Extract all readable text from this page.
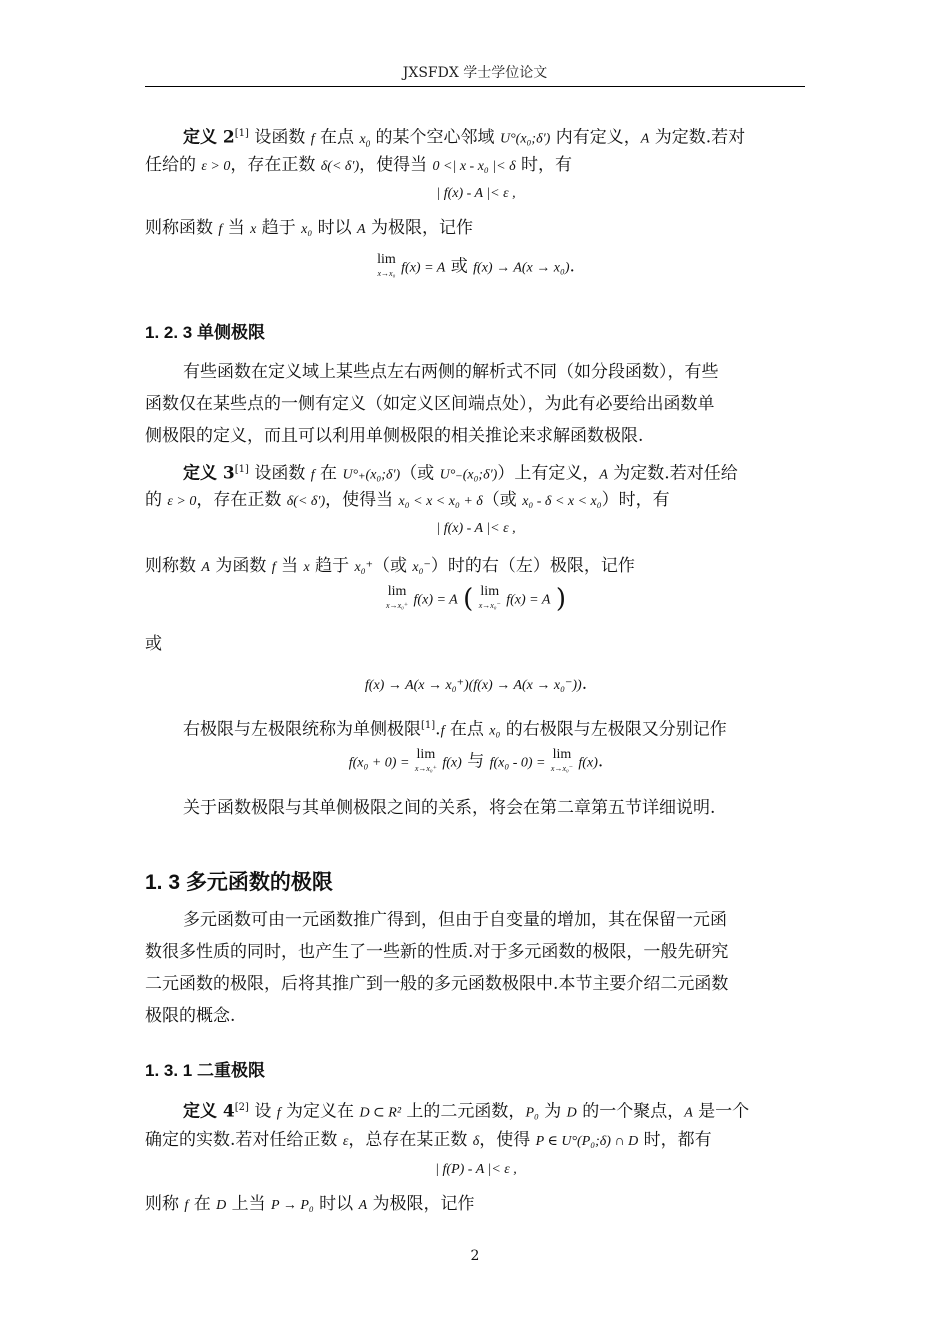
JXSFDX 学士学位论文
定义 2[1] 设函数 f 在点 $x_0$ 的某个空心邻域 U°(x₀;δ′) 内有定义，A 为定数.若对
任给的 ε > 0，存在正数 δ(< δ′)，使得当 0 <| x - x₀ |< δ 时，有
| f(x) - A |< ε ,
则称函数 f 当 x 趋于 x₀ 时以 A 为极限，记作
lim
x→x₀ f(x) = A 或 f(x) → A(x → x₀).
1. 2. 3 单侧极限
有些函数在定义域上某些点左右两侧的解析式不同（如分段函数），有些
函数仅在某些点的一侧有定义（如定义区间端点处），为此有必要给出函数单
侧极限的定义，而且可以利用单侧极限的相关推论来求解函数极限.
定义 3[1] 设函数 f 在 U°₊(x₀;δ′)（或 U°₋(x₀;δ′)）上有定义，A 为定数.若对任给
的 ε > 0，存在正数 δ(< δ′)，使得当 x₀ < x < x₀ + δ（或 x₀ - δ < x < x₀）时，有
| f(x) - A |< ε ,
则称数 A 为函数 f 当 x 趋于 x₀⁺（或 x₀⁻）时的右（左）极限，记作
lim
x→x₀⁺ f(x) = A ( lim
x→x₀⁻ f(x) = A )
或
f(x) → A(x → x₀⁺)(f(x) → A(x → x₀⁻)).
右极限与左极限统称为单侧极限[1].f 在点 x₀ 的右极限与左极限又分别记作
f(x₀ + 0) = lim
x→x₀⁺ f(x) 与 f(x₀ - 0) = lim
x→x₀⁻ f(x).
关于函数极限与其单侧极限之间的关系，将会在第二章第五节详细说明.
1. 3 多元函数的极限
多元函数可由一元函数推广得到，但由于自变量的增加，其在保留一元函
数很多性质的同时，也产生了一些新的性质.对于多元函数的极限，一般先研究
二元函数的极限，后将其推广到一般的多元函数极限中.本节主要介绍二元函数
极限的概念.
1. 3. 1 二重极限
定义 4[2] 设 f 为定义在 D ⊂ R² 上的二元函数，P₀ 为 D 的一个聚点，A 是一个
确定的实数.若对任给正数 ε，总存在某正数 δ，使得 P ∈ U°(P₀;δ) ∩ D 时，都有
| f(P) - A |< ε ,
则称 f 在 D 上当 P → P₀ 时以 A 为极限，记作
2
